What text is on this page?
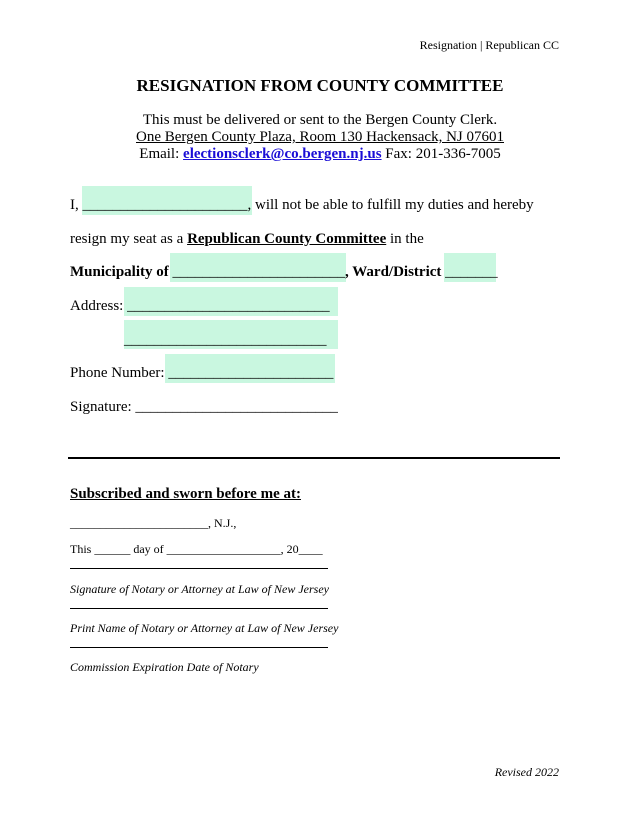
Resignation | Republican CC
RESIGNATION FROM COUNTY COMMITTEE
This must be delivered or sent to the Bergen County Clerk.
One Bergen County Plaza, Room 130 Hackensack, NJ 07601
Email: electionsclerk@co.bergen.nj.us Fax: 201-336-7005
I, ______________________, will not be able to fulfill my duties and hereby
resign my seat as a Republican County Committee in the
Municipality of _______________________, Ward/District _______
Address: ___________________________
___________________________
Phone Number: ______________________
Signature: ___________________________
Subscribed and sworn before me at:
_______________________, N.J.,
This ______ day of ___________________, 20____
Signature of Notary or Attorney at Law of New Jersey
Print Name of Notary or Attorney at Law of New Jersey
Commission Expiration Date of Notary
Revised 2022
